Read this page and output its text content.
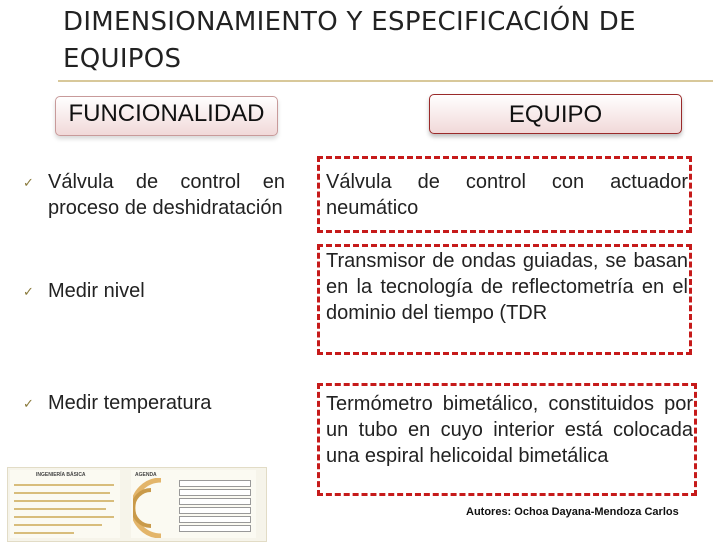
DIMENSIONAMIENTO Y ESPECIFICACIÓN DE EQUIPOS
FUNCIONALIDAD	EQUIPO
✓ Válvula de control en proceso de deshidratación
✓ Medir nivel
✓ Medir temperatura
Válvula de control con actuador neumático
Transmisor de ondas guiadas, se basan en la tecnología de reflectometría en el dominio del tiempo (TDR
Termómetro bimetálico, constituidos por un tubo en cuyo interior está colocada una espiral helicoidal bimetálica
INGENIERÍA BÁSICA	AGENDA
Autores: Ochoa Dayana-Mendoza Carlos
